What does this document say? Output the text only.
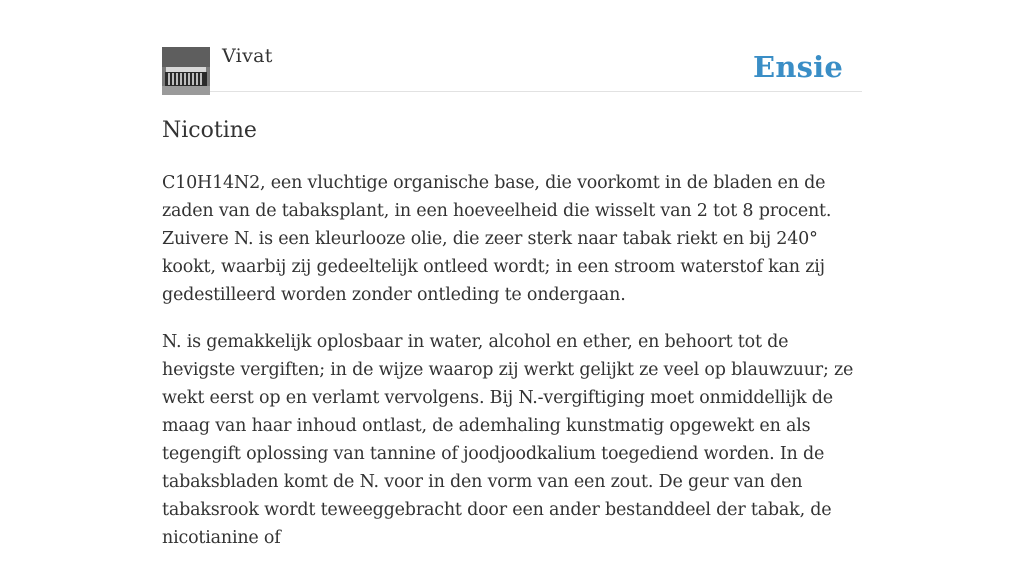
Vivat	Ensie
Nicotine

C10H14N2, een vluchtige organische base, die voorkomt in de bladen en de zaden van de tabaksplant, in een hoeveelheid die wisselt van 2 tot 8 procent. Zuivere N. is een kleurlooze olie, die zeer sterk naar tabak riekt en bij 240° kookt, waarbij zij gedeeltelijk ontleed wordt; in een stroom waterstof kan zij gedestilleerd worden zonder ontleding te ondergaan.

N. is gemakkelijk oplosbaar in water, alcohol en ether, en behoort tot de hevigste vergiften; in de wijze waarop zij werkt gelijkt ze veel op blauwzuur; ze wekt eerst op en verlamt vervolgens. Bij N.-vergiftiging moet onmiddellijk de maag van haar inhoud ontlast, de ademhaling kunstmatig opgewekt en als tegengift oplossing van tannine of joodjoodkalium toegediend worden. In de tabaksbladen komt de N. voor in den vorm van een zout. De geur van den tabaksrook wordt teweeggebracht door een ander bestanddeel der tabak, de nicotianine of
